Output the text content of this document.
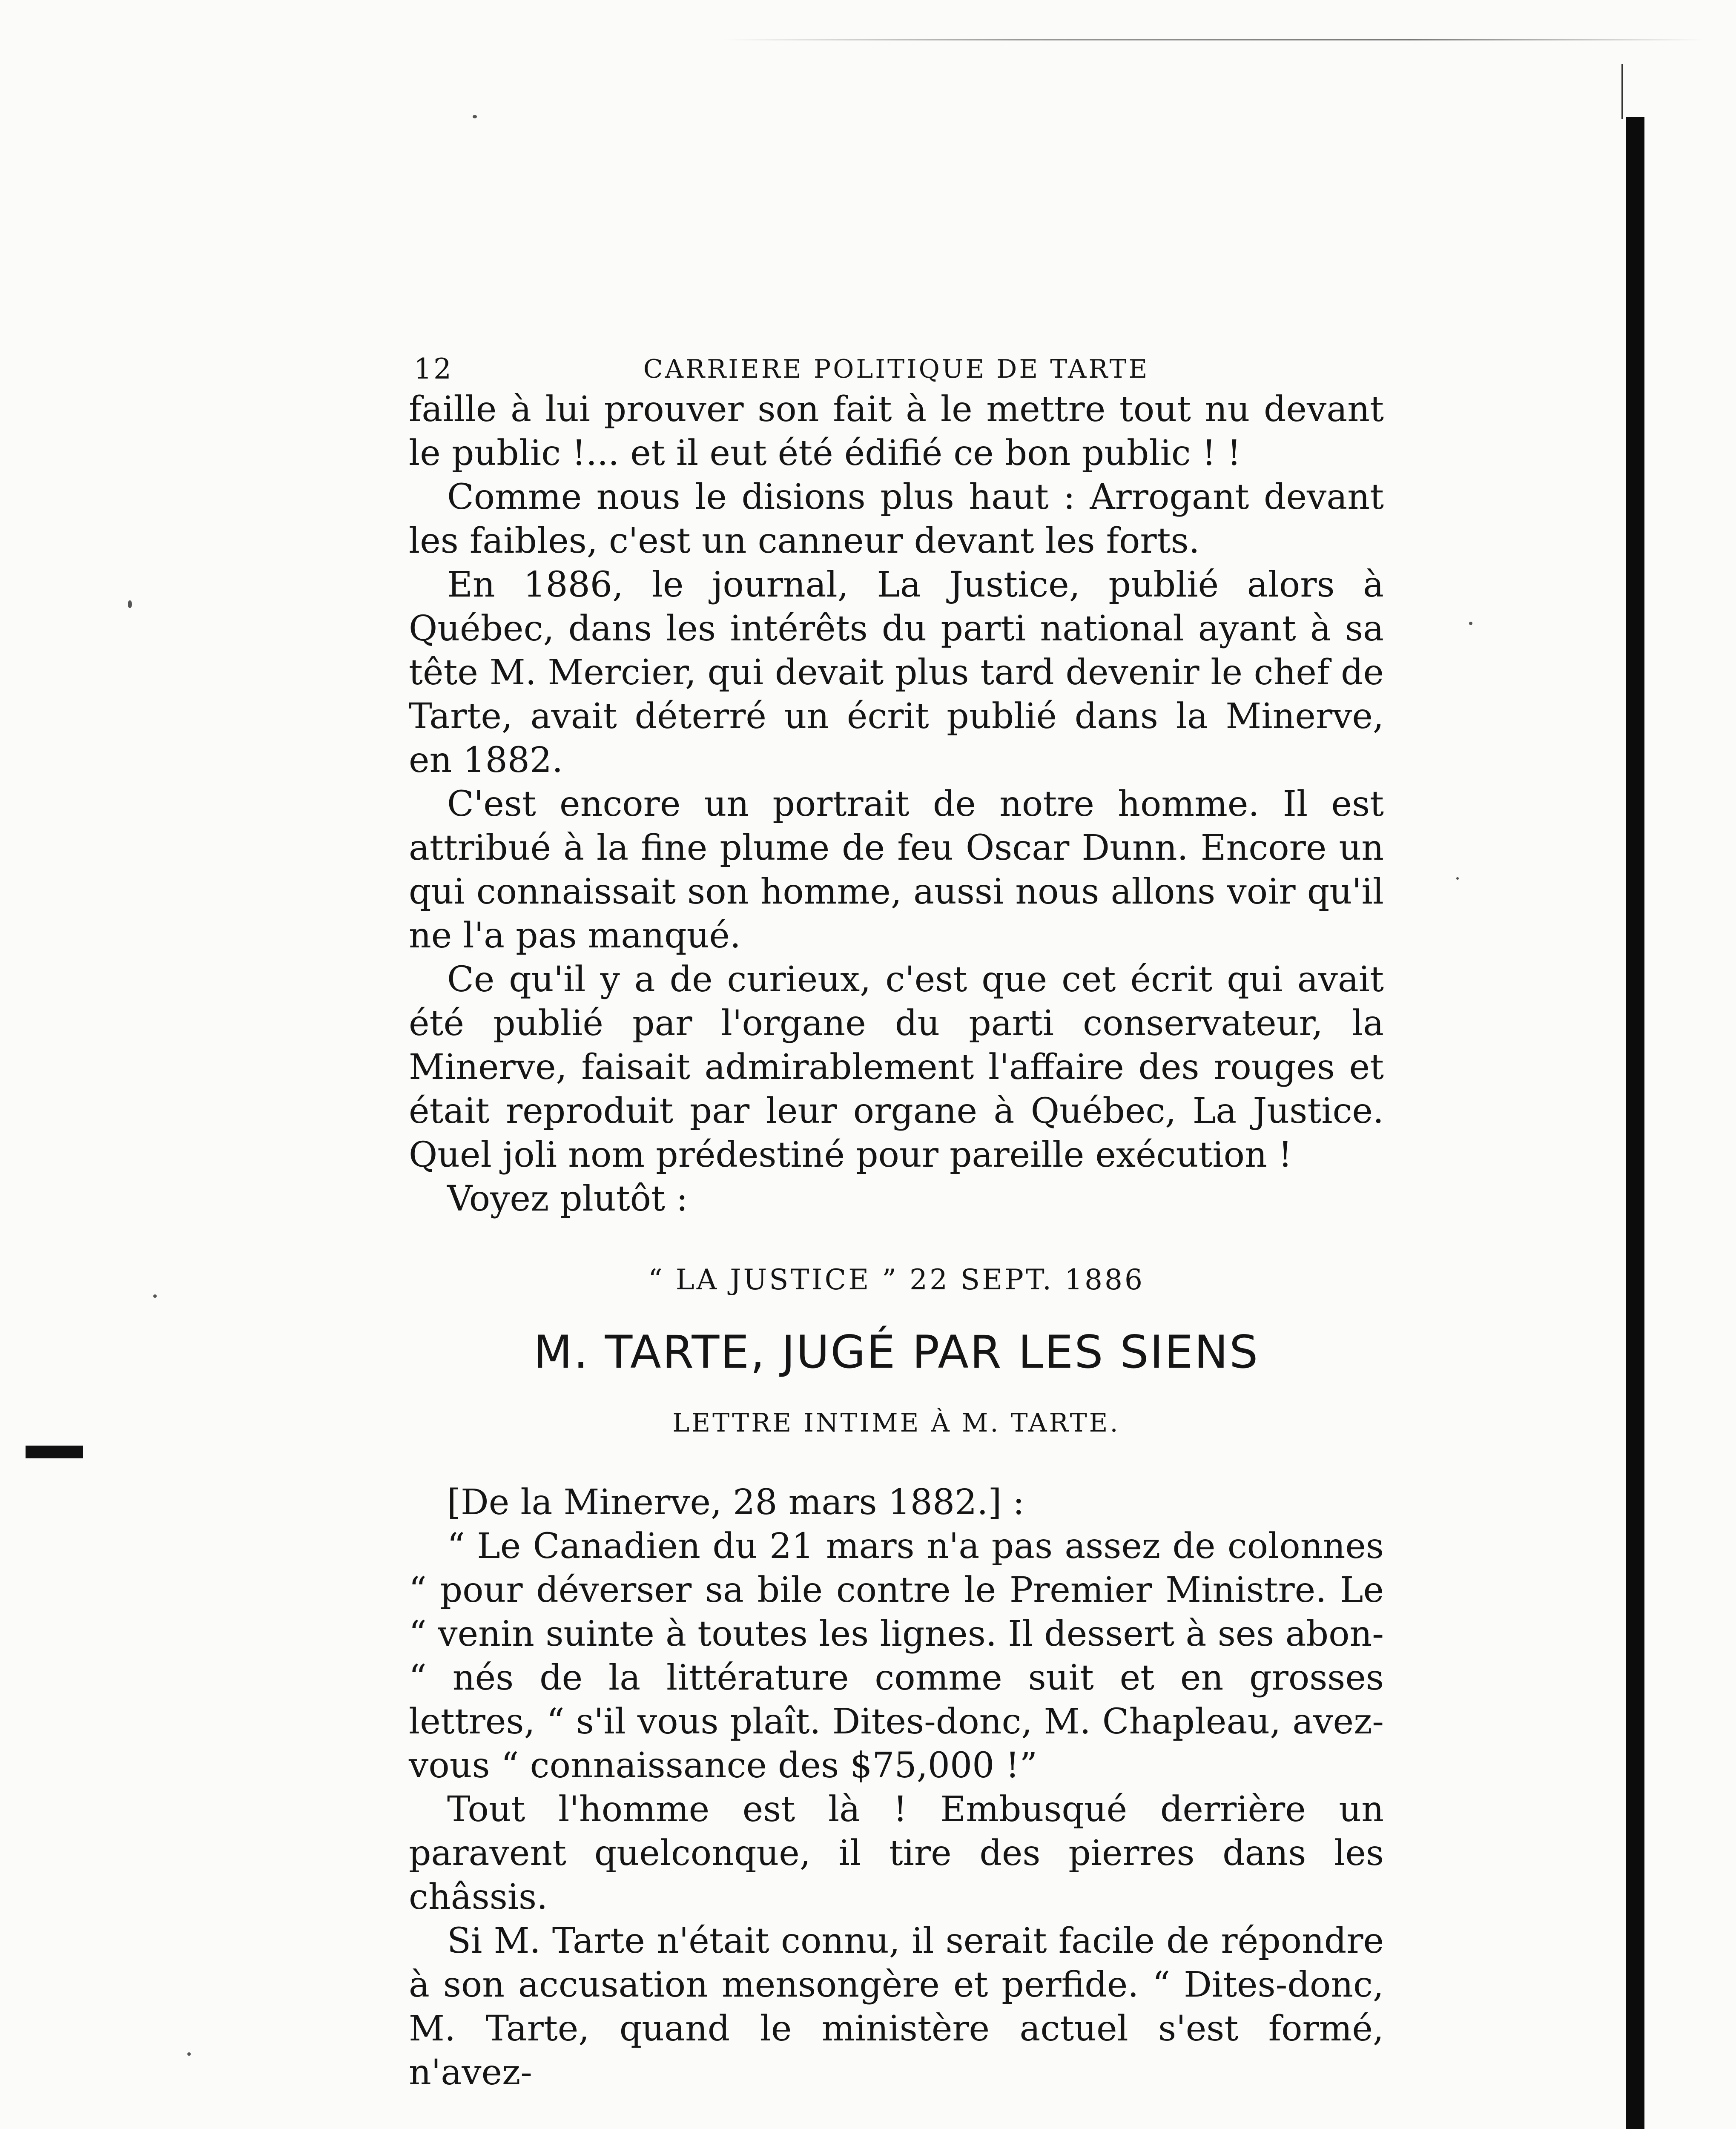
12	CARRIERE POLITIQUE DE TARTE

faille à lui prouver son fait à le mettre tout nu devant le public !... et il eut été édifié ce bon public ! !

Comme nous le disions plus haut : Arrogant devant les faibles, c'est un canneur devant les forts.

En 1886, le journal, La Justice, publié alors à Québec, dans les intérêts du parti national ayant à sa tête M. Mercier, qui devait plus tard devenir le chef de Tarte, avait déterré un écrit publié dans la Minerve, en 1882.

C'est encore un portrait de notre homme. Il est attribué à la fine plume de feu Oscar Dunn. Encore un qui connaissait son homme, aussi nous allons voir qu'il ne l'a pas manqué.

Ce qu'il y a de curieux, c'est que cet écrit qui avait été publié par l'organe du parti conservateur, la Minerve, faisait admirablement l'affaire des rouges et était reproduit par leur organe à Québec, La Justice. Quel joli nom prédestiné pour pareille exécution !

Voyez plutôt :

“ LA JUSTICE ” 22 SEPT. 1886
M. TARTE, JUGÉ PAR LES SIENS
LETTRE INTIME À M. TARTE.

[De la Minerve, 28 mars 1882.] :

“ Le Canadien du 21 mars n'a pas assez de colonnes “ pour déverser sa bile contre le Premier Ministre. Le “ venin suinte à toutes les lignes. Il dessert à ses abon- “ nés de la littérature comme suit et en grosses lettres, “ s'il vous plaît. Dites-donc, M. Chapleau, avez-vous “ connaissance des $75,000 !”

Tout l'homme est là ! Embusqué derrière un paravent quelconque, il tire des pierres dans les châssis.

Si M. Tarte n'était connu, il serait facile de répondre à son accusation mensongère et perfide. “ Dites-donc, M. Tarte, quand le ministère actuel s'est formé, n'avez-
